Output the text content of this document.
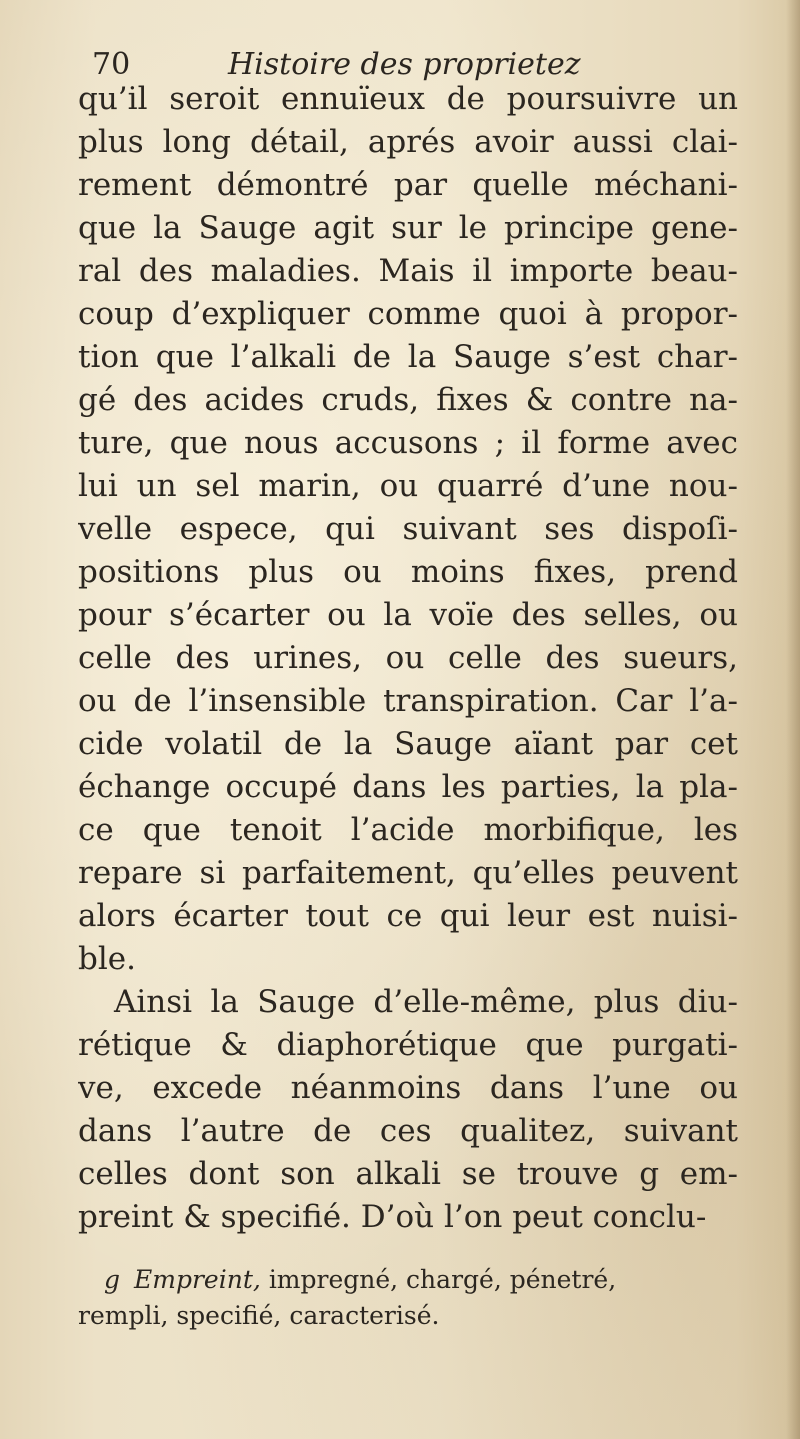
70	Histoire des proprietez
qu’il seroit ennuïeux de poursuivre un
plus long détail, aprés avoir aussi clai-
rement démontré par quelle méchani-
que la Sauge agit sur le principe gene-
ral des maladies. Mais il importe beau-
coup d’expliquer comme quoi à propor-
tion que l’alkali de la Sauge s’est char-
gé des acides cruds, fixes & contre na-
ture, que nous accusons ; il forme avec
lui un sel marin, ou quarré d’une nou-
velle espece, qui suivant ses dispoſi-
positions plus ou moins fixes, prend
pour s’écarter ou la voïe des selles, ou
celle des urines, ou celle des sueurs,
ou de l’insensible transpiration. Car l’a-
cide volatil de la Sauge aïant par cet
échange occupé dans les parties, la pla-
ce que tenoit l’acide morbifique, les
repare si parfaitement, qu’elles peuvent
alors écarter tout ce qui leur est nuisi-
ble.
Ainsi la Sauge d’elle-même, plus diu-
rétique & diaphorétique que purgati-
ve, excede néanmoins dans l’une ou
dans l’autre de ces qualitez, suivant
celles dont son alkali se trouve g em-
preint & specifié. D’où l’on peut conclu-
g Empreint, impregné, chargé, pénetré,
rempli, specifié, caracterisé.
